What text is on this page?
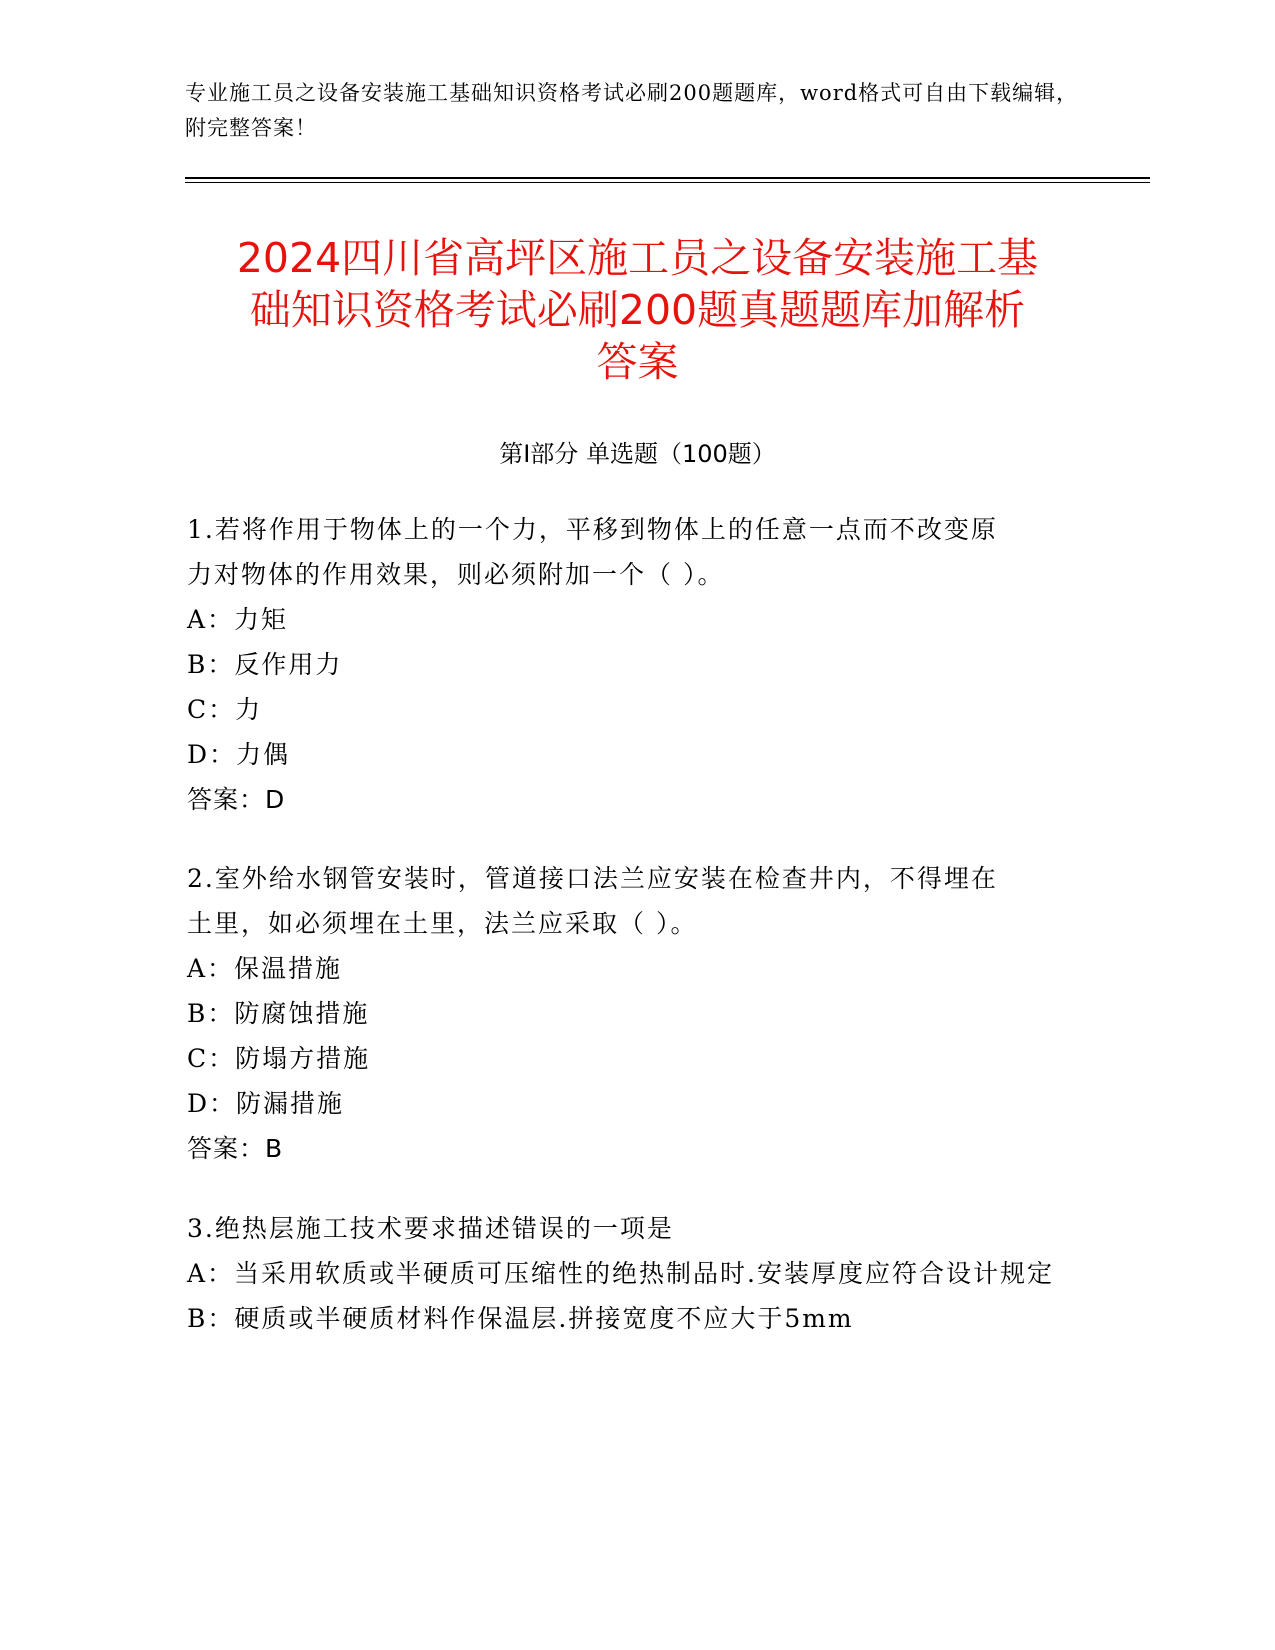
专业施工员之设备安装施工基础知识资格考试必刷200题题库，word格式可自由下载编辑，附完整答案！
2024四川省高坪区施工员之设备安装施工基
础知识资格考试必刷200题真题题库加解析
答案
第Ⅰ部分 单选题（100题）
1.若将作用于物体上的一个力，平移到物体上的任意一点而不改变原
力对物体的作用效果，则必须附加一个（ ）。
A：力矩
B：反作用力
C：力
D：力偶
答案：D
2.室外给水钢管安装时，管道接口法兰应安装在检查井内，不得埋在
土里，如必须埋在土里，法兰应采取（ ）。
A：保温措施
B：防腐蚀措施
C：防塌方措施
D：防漏措施
答案：B
3.绝热层施工技术要求描述错误的一项是
A：当采用软质或半硬质可压缩性的绝热制品时.安装厚度应符合设计规定
B：硬质或半硬质材料作保温层.拼接宽度不应大于5mm
